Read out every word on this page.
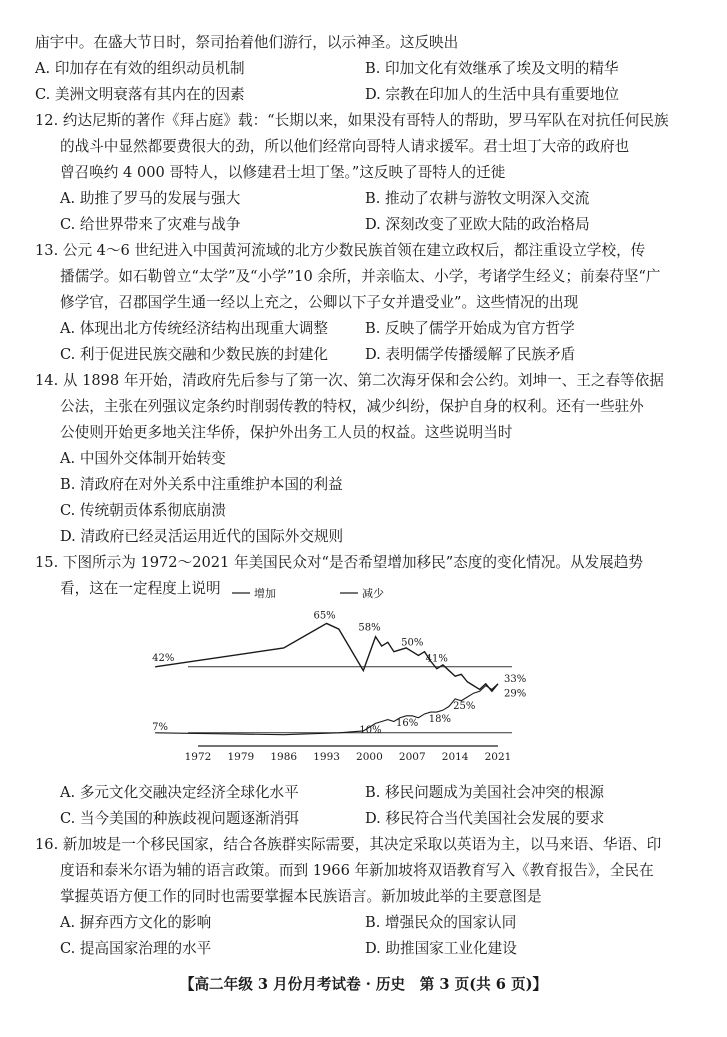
庙宇中。在盛大节日时，祭司抬着他们游行，以示神圣。这反映出
A. 印加存在有效的组织动员机制	B. 印加文化有效继承了埃及文明的精华
C. 美洲文明衰落有其内在的因素	D. 宗教在印加人的生活中具有重要地位
12. 约达尼斯的著作《拜占庭》载：“长期以来，如果没有哥特人的帮助，罗马军队在对抗任何民族
的战斗中显然都要费很大的劲，所以他们经常向哥特人请求援军。君士坦丁大帝的政府也
曾召唤约 4 000 哥特人，以修建君士坦丁堡。”这反映了哥特人的迁徙
A. 助推了罗马的发展与强大	B. 推动了农耕与游牧文明深入交流
C. 给世界带来了灾难与战争	D. 深刻改变了亚欧大陆的政治格局
13. 公元 4～6 世纪进入中国黄河流域的北方少数民族首领在建立政权后，都注重设立学校，传
播儒学。如石勒曾立“太学”及“小学”10 余所，并亲临太、小学，考诸学生经义；前秦苻坚“广
修学官，召郡国学生通一经以上充之，公卿以下子女并遣受业”。这些情况的出现
A. 体现出北方传统经济结构出现重大调整	B. 反映了儒学开始成为官方哲学
C. 利于促进民族交融和少数民族的封建化	D. 表明儒学传播缓解了民族矛盾
14. 从 1898 年开始，清政府先后参与了第一次、第二次海牙保和会公约。刘坤一、王之春等依据
公法，主张在列强议定条约时削弱传教的特权，减少纠纷，保护自身的权利。还有一些驻外
公使则开始更多地关注华侨，保护外出务工人员的权益。这些说明当时
A. 中国外交体制开始转变
B. 清政府在对外关系中注重维护本国的利益
C. 传统朝贡体系彻底崩溃
D. 清政府已经灵活运用近代的国际外交规则
15. 下图所示为 1972～2021 年美国民众对“是否希望增加移民”态度的变化情况。从发展趋势
看，这在一定程度上说明
A. 多元文化交融决定经济全球化水平	B. 移民问题成为美国社会冲突的根源
C. 当今美国的种族歧视问题逐渐消弭	D. 移民符合当代美国社会发展的要求
16. 新加坡是一个移民国家，结合各族群实际需要，其决定采取以英语为主，以马来语、华语、印
度语和泰米尔语为辅的语言政策。而到 1966 年新加坡将双语教育写入《教育报告》，全民在
掌握英语方便工作的同时也需要掌握本民族语言。新加坡此举的主要意图是
A. 摒弃西方文化的影响	B. 增强民众的国家认同
C. 提高国家治理的水平	D. 助推国家工业化建设
1972 1979 1986 1993 2000 2007 2014 2021
增加	减少
65%
42%
58%
50%
41%
33%
29%
7%	10%
16% 18%
25%
【高二年级 3 月份月考试卷 · 历史　第 3 页(共 6 页)】
